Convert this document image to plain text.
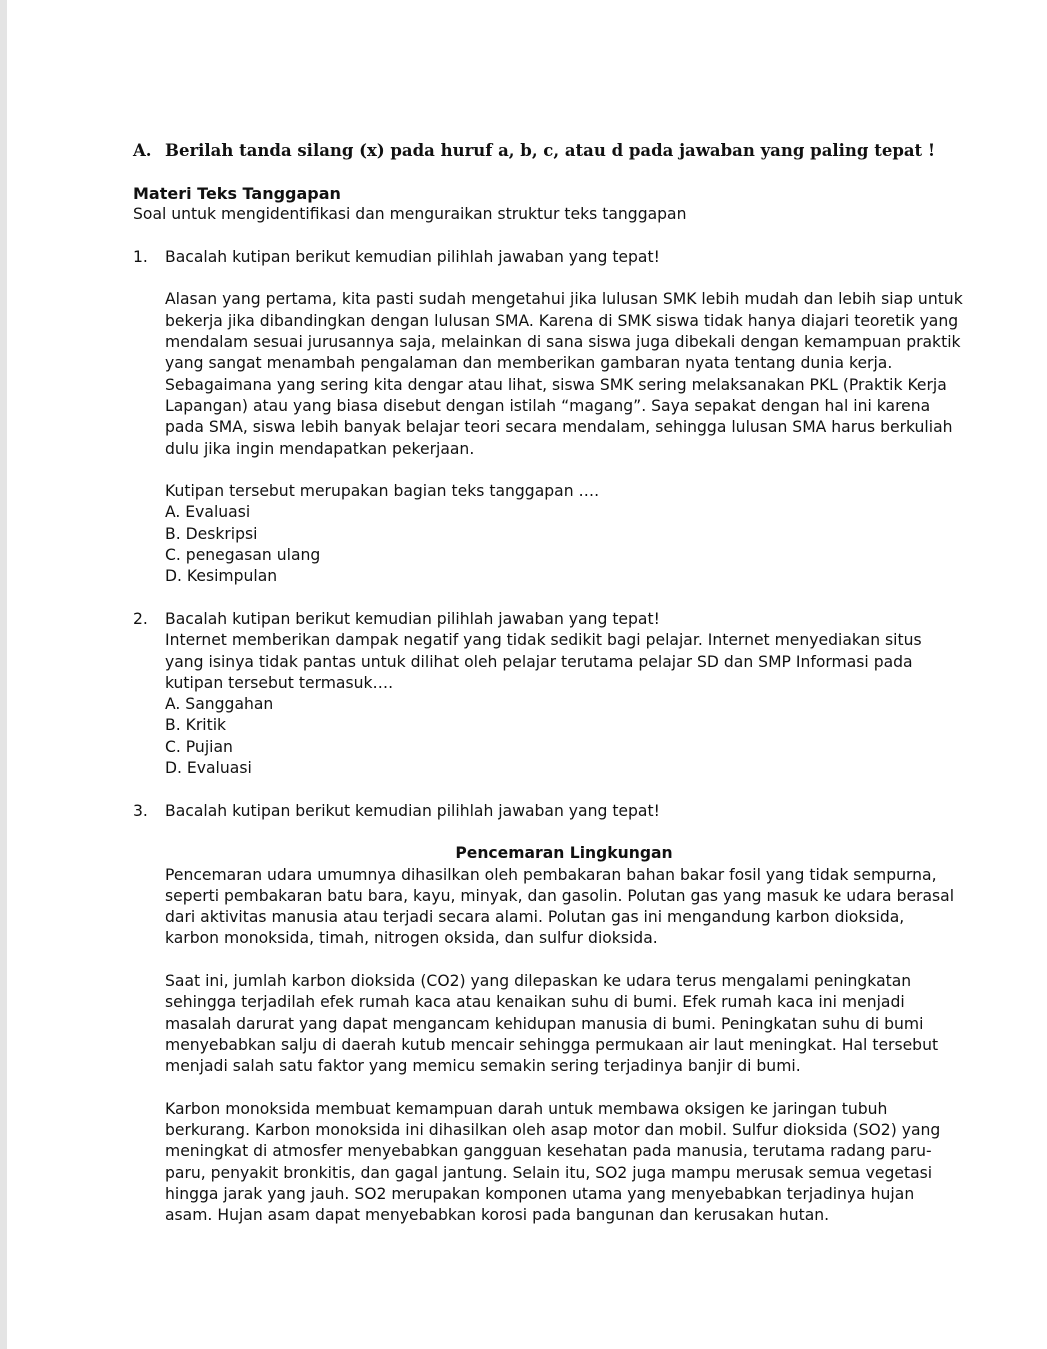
A. Berilah tanda silang (x) pada huruf a, b, c, atau d pada jawaban yang paling tepat !
Materi Teks Tanggapan
Soal untuk mengidentifikasi dan menguraikan struktur teks tanggapan
1.	Bacalah kutipan berikut kemudian pilihlah jawaban yang tepat!

Alasan yang pertama, kita pasti sudah mengetahui jika lulusan SMK lebih mudah dan lebih siap untuk bekerja jika dibandingkan dengan lulusan SMA. Karena di SMK siswa tidak hanya diajari teoretik yang mendalam sesuai jurusannya saja, melainkan di sana siswa juga dibekali dengan kemampuan praktik yang sangat menambah pengalaman dan memberikan gambaran nyata tentang dunia kerja. Sebagaimana yang sering kita dengar atau lihat, siswa SMK sering melaksanakan PKL (Praktik Kerja Lapangan) atau yang biasa disebut dengan istilah “magang”. Saya sepakat dengan hal ini karena pada SMA, siswa lebih banyak belajar teori secara mendalam, sehingga lulusan SMA harus berkuliah dulu jika ingin mendapatkan pekerjaan.

Kutipan tersebut merupakan bagian teks tanggapan ….

A. Evaluasi

B. Deskripsi

C. penegasan ulang

D. Kesimpulan

2.	Bacalah kutipan berikut kemudian pilihlah jawaban yang tepat!

Internet memberikan dampak negatif yang tidak sedikit bagi pelajar. Internet menyediakan situs yang isinya tidak pantas untuk dilihat oleh pelajar terutama pelajar SD dan SMP Informasi pada kutipan tersebut termasuk….

A. Sanggahan

B. Kritik

C. Pujian

D. Evaluasi

3.	Bacalah kutipan berikut kemudian pilihlah jawaban yang tepat!

Pencemaran Lingkungan

Pencemaran udara umumnya dihasilkan oleh pembakaran bahan bakar fosil yang tidak sempurna, seperti pembakaran batu bara, kayu, minyak, dan gasolin. Polutan gas yang masuk ke udara berasal dari aktivitas manusia atau terjadi secara alami. Polutan gas ini mengandung karbon dioksida, karbon monoksida, timah, nitrogen oksida, dan sulfur dioksida.

Saat ini, jumlah karbon dioksida (CO2) yang dilepaskan ke udara terus mengalami peningkatan sehingga terjadilah efek rumah kaca atau kenaikan suhu di bumi. Efek rumah kaca ini menjadi masalah darurat yang dapat mengancam kehidupan manusia di bumi. Peningkatan suhu di bumi menyebabkan salju di daerah kutub mencair sehingga permukaan air laut meningkat. Hal tersebut menjadi salah satu faktor yang memicu semakin sering terjadinya banjir di bumi.

Karbon monoksida membuat kemampuan darah untuk membawa oksigen ke jaringan tubuh berkurang. Karbon monoksida ini dihasilkan oleh asap motor dan mobil. Sulfur dioksida (SO2) yang meningkat di atmosfer menyebabkan gangguan kesehatan pada manusia, terutama radang paru-paru, penyakit bronkitis, dan gagal jantung. Selain itu, SO2 juga mampu merusak semua vegetasi hingga jarak yang jauh. SO2 merupakan komponen utama yang menyebabkan terjadinya hujan asam. Hujan asam dapat menyebabkan korosi pada bangunan dan kerusakan hutan.
